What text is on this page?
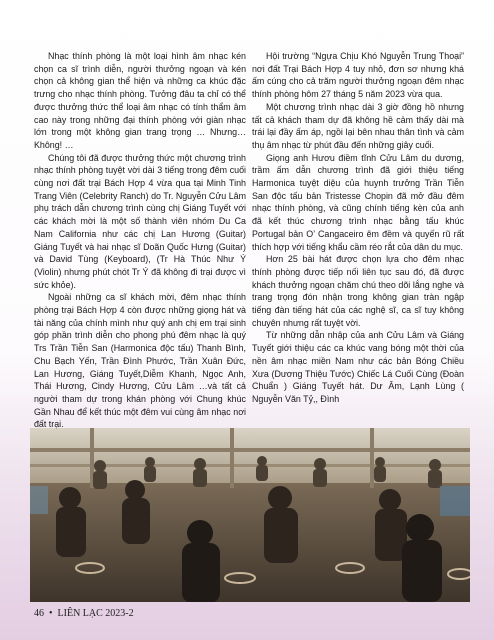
Nhạc thính phòng là một loại hình âm nhạc kén chọn ca sĩ trình diễn, người thưởng ngoạn và kén chọn cả không gian thể hiện và những ca khúc đặc trưng cho nhạc thính phòng. Tưởng đâu ta chỉ có thể được thưởng thức thể loại âm nhạc có tính thẩm âm cao này trong những đại thính phòng với giàn nhạc lớn trong một không gian trang trọng … Nhưng… Không! …

Chúng tôi đã được thưởng thức một chương trình nhạc thính phòng tuyệt vời dài 3 tiếng trong đêm cuối cùng nơi đất trại Bách Hợp 4 vừa qua tại Minh Tinh Trang Viên (Celebrity Ranch) do Tr. Nguyễn Cửu Lâm phụ trách dẫn chương trình cùng chị Giáng Tuyết với các khách mời là một số thành viên nhóm Du Ca Nam California như các chị Lan Hương (Guitar) Giáng Tuyết và hai nhạc sĩ Doãn Quốc Hưng (Guitar) và David Tùng (Keyboard), (Tr Hà Thúc Như Ý (Violin) nhưng phút chót Tr Ý đã không đi trại được vì sức khỏe).

Ngoài những ca sĩ khách mời, đêm nhạc thính phòng trại Bách Hợp 4 còn được những giọng hát và tài năng của chính mình như quý anh chị em trại sinh góp phần trình diễn cho phong phú đêm nhạc là quý Trs Trần Tiễn San (Harmonica độc tấu) Thanh Bình, Chu Bạch Yến, Trần Đình Phước, Trần Xuân Đức, Lan Hương, Giáng Tuyết,Diễm Khanh, Ngọc Anh, Thái Hương, Cindy Hương, Cửu Lâm …và tất cả người tham dự trong khán phòng với Chung khúc Gần Nhau để kết thúc một đêm vui cùng âm nhạc nơi đất trại.

Hội trường “Ngựa Chịu Khó Nguyễn Trung Thoại” nơi đất Trại Bách Hợp 4 tuy nhỏ, đơn sơ nhưng khá ấm cúng cho cả trăm người thưởng ngoạn đêm nhạc thính phòng hôm 27 tháng 5 năm 2023 vừa qua.

Một chương trình nhạc dài 3 giờ đồng hồ nhưng tất cả khách tham dự đã không hề cảm thấy dài mà trái lại đầy ấm áp, ngồi lại bên nhau thân tình và cảm thụ âm nhạc từ phút đầu đến những giây cuối.

Giọng anh Hươu điềm tĩnh Cửu Lâm du dương, trầm ấm dẫn chương trình đã giới thiệu tiếng Harmonica tuyệt diệu của huynh trưởng Trần Tiễn San độc tấu bản Tristesse Chopin đã mở đầu đêm nhạc thính phòng, và cũng chính tiếng kèn của anh đã kết thúc chương trình nhạc bằng tấu khúc Portugal bản O’ Cangaceiro êm đềm và quyến rũ rất thích hợp với tiếng khẩu cầm réo rắt của dân du mục.

Hơn 25 bài hát được chọn lựa cho đêm nhạc thính phòng được tiếp nối liên tục sau đó, đã được khách thưởng ngoạn chăm chú theo dõi lắng nghe và trang trọng đón nhận trong không gian tràn ngập tiếng đàn tiếng hát của các nghệ sĩ, ca sĩ tuy không chuyên nhưng rất tuyệt vời.

Từ những dẫn nhập của anh Cửu Lâm và Giáng Tuyết giới thiệu các ca khúc vang bóng một thời của nền âm nhạc miền Nam như các bản Bóng Chiều Xưa (Dương Thiệu Tước) Chiếc Lá Cuối Cùng (Đoàn Chuẩn ) Giáng Tuyết hát. Dư Âm, Lạnh Lùng ( Nguyễn Văn Tỷ,, Đình

46 • LIÊN LẠC 2023-2
